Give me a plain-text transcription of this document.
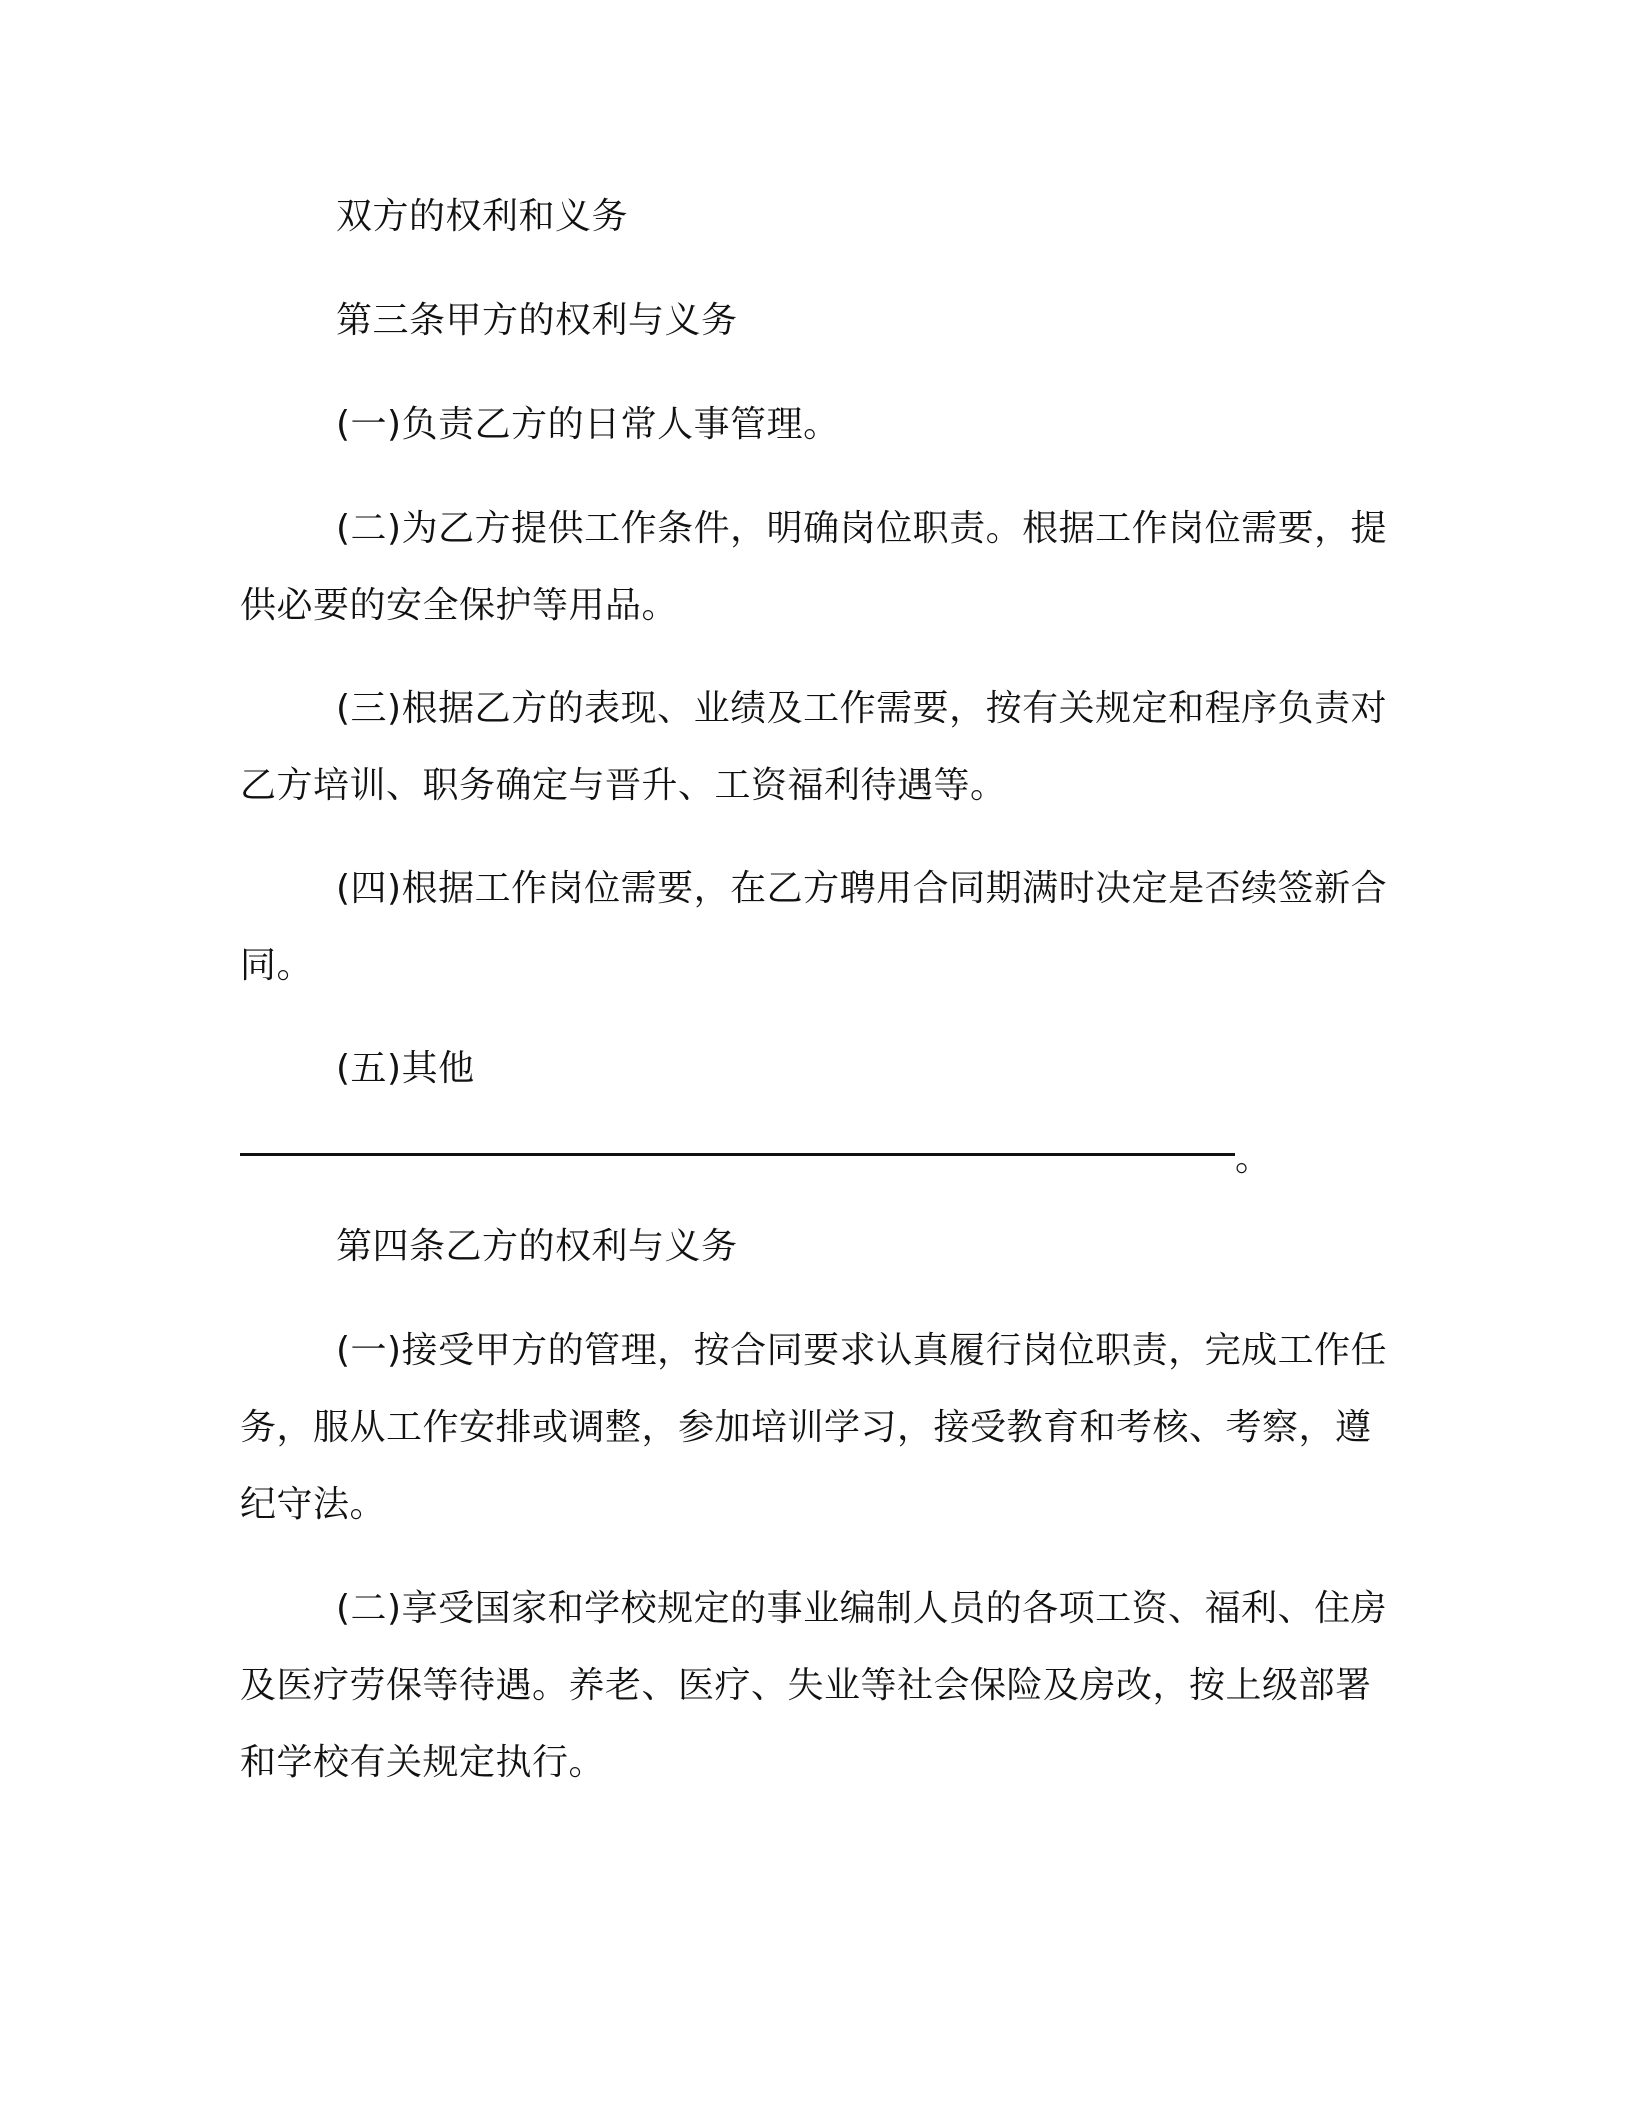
双方的权利和义务

第三条甲方的权利与义务

(一)负责乙方的日常人事管理。

(二)为乙方提供工作条件，明确岗位职责。根据工作岗位需要，提供必要的安全保护等用品。

(三)根据乙方的表现、业绩及工作需要，按有关规定和程序负责对乙方培训、职务确定与晋升、工资福利待遇等。

(四)根据工作岗位需要，在乙方聘用合同期满时决定是否续签新合同。

(五)其他

。

第四条乙方的权利与义务

(一)接受甲方的管理，按合同要求认真履行岗位职责，完成工作任务，服从工作安排或调整，参加培训学习，接受教育和考核、考察，遵纪守法。

(二)享受国家和学校规定的事业编制人员的各项工资、福利、住房及医疗劳保等待遇。养老、医疗、失业等社会保险及房改，按上级部署和学校有关规定执行。
